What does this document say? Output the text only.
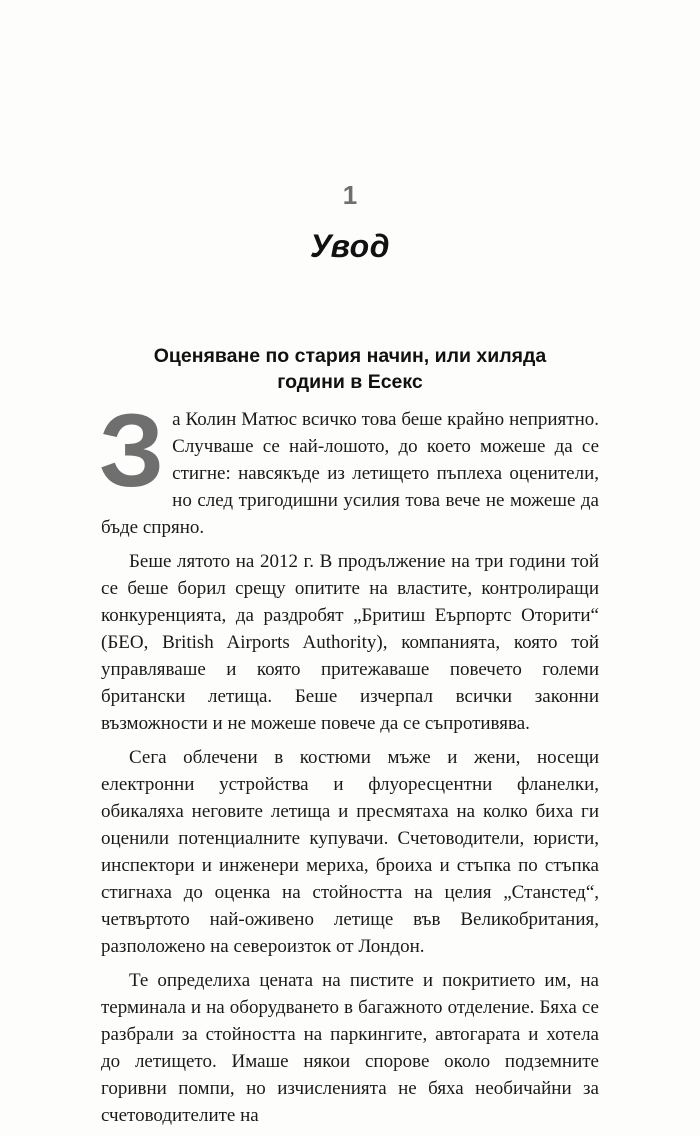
1
Увод
Оценяване по стария начин, или хиляда
години в Есекс

За Колин Матюс всичко това беше крайно неприятно. Случваше се най-лошото, до което можеше да се стигне: навсякъде из летището пъплеха оценители, но след тригодишни усилия това вече не можеше да бъде спряно.

Беше лятото на 2012 г. В продължение на три години той се беше борил срещу опитите на властите, контролиращи конкуренцията, да раздробят „Бритиш Еърпортс Оторити“ (БЕО, British Airports Authority), компанията, която той управляваше и която притежаваше повечето големи британски летища. Беше изчерпал всички законни възможности и не можеше повече да се съпротивява.

Сега облечени в костюми мъже и жени, носещи електронни устройства и флуоресцентни фланелки, обикаляха неговите летища и пресмятаха на колко биха ги оценили потенциалните купувачи. Счетоводители, юристи, инспектори и инженери мериха, броиха и стъпка по стъпка стигнаха до оценка на стойността на целия „Станстед“, четвъртото най-оживено летище във Великобритания, разположено на североизток от Лондон.

Те определиха цената на пистите и покритието им, на терминала и на оборудването в багажното отделение. Бяха се разбрали за стойността на паркингите, автогарата и хотела до летището. Имаше някои спорове около подземните горивни помпи, но изчисленията не бяха необичайни за счетоводителите на
